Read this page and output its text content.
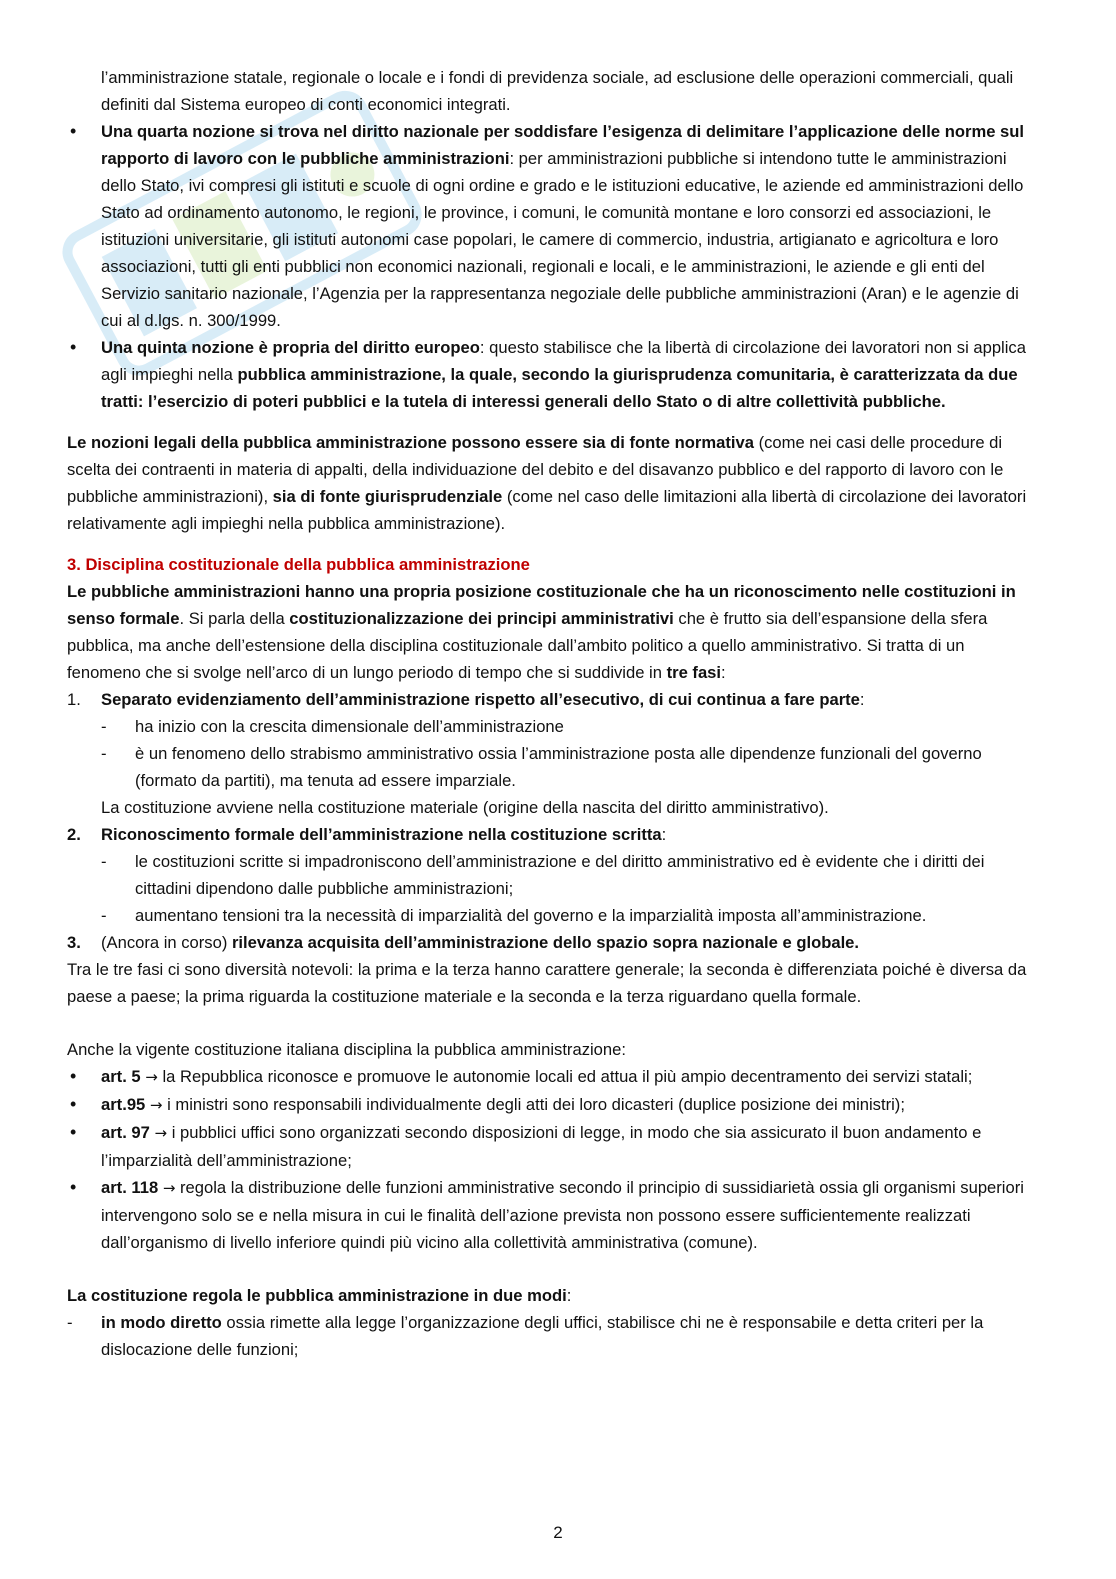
l’amministrazione statale, regionale o locale e i fondi di previdenza sociale, ad esclusione delle operazioni commerciali, quali definiti dal Sistema europeo di conti economici integrati.

• Una quarta nozione si trova nel diritto nazionale per soddisfare l’esigenza di delimitare l’applicazione delle norme sul rapporto di lavoro con le pubbliche amministrazioni: per amministrazioni pubbliche si intendono tutte le amministrazioni dello Stato, ivi compresi gli istituti e scuole di ogni ordine e grado e le istituzioni educative, le aziende ed amministrazioni dello Stato ad ordinamento autonomo, le regioni, le province, i comuni, le comunità montane e loro consorzi ed associazioni, le istituzioni universitarie, gli istituti autonomi case popolari, le camere di commercio, industria, artigianato e agricoltura e loro associazioni, tutti gli enti pubblici non economici nazionali, regionali e locali, e le amministrazioni, le aziende e gli enti del Servizio sanitario nazionale, l’Agenzia per la rappresentanza negoziale delle pubbliche amministrazioni (Aran) e le agenzie di cui al d.lgs. n. 300/1999.
• Una quinta nozione è propria del diritto europeo: questo stabilisce che la libertà di circolazione dei lavoratori non si applica agli impieghi nella pubblica amministrazione, la quale, secondo la giurisprudenza comunitaria, è caratterizzata da due tratti: l’esercizio di poteri pubblici e la tutela di interessi generali dello Stato o di altre collettività pubbliche.

Le nozioni legali della pubblica amministrazione possono essere sia di fonte normativa (come nei casi delle procedure di scelta dei contraenti in materia di appalti, della individuazione del debito e del disavanzo pubblico e del rapporto di lavoro con le pubbliche amministrazioni), sia di fonte giurisprudenziale (come nel caso delle limitazioni alla libertà di circolazione dei lavoratori relativamente agli impieghi nella pubblica amministrazione).

3. Disciplina costituzionale della pubblica amministrazione

Le pubbliche amministrazioni hanno una propria posizione costituzionale che ha un riconoscimento nelle costituzioni in senso formale. Si parla della costituzionalizzazione dei principi amministrativi che è frutto sia dell’espansione della sfera pubblica, ma anche dell’estensione della disciplina costituzionale dall’ambito politico a quello amministrativo. Si tratta di un fenomeno che si svolge nell’arco di un lungo periodo di tempo che si suddivide in tre fasi:

1. Separato evidenziamento dell’amministrazione rispetto all’esecutivo, di cui continua a fare parte:
- ha inizio con la crescita dimensionale dell’amministrazione
- è un fenomeno dello strabismo amministrativo ossia l’amministrazione posta alle dipendenze funzionali del governo (formato da partiti), ma tenuta ad essere imparziale.

La costituzione avviene nella costituzione materiale (origine della nascita del diritto amministrativo).

2. Riconoscimento formale dell’amministrazione nella costituzione scritta:
- le costituzioni scritte si impadroniscono dell’amministrazione e del diritto amministrativo ed è evidente che i diritti dei cittadini dipendono dalle pubbliche amministrazioni;
- aumentano tensioni tra la necessità di imparzialità del governo e la imparzialità imposta all’amministrazione.
3. (Ancora in corso) rilevanza acquisita dell’amministrazione dello spazio sopra nazionale e globale.

Tra le tre fasi ci sono diversità notevoli: la prima e la terza hanno carattere generale; la seconda è differenziata poiché è diversa da paese a paese; la prima riguarda la costituzione materiale e la seconda e la terza riguardano quella formale.

Anche la vigente costituzione italiana disciplina la pubblica amministrazione:

• art. 5 → la Repubblica riconosce e promuove le autonomie locali ed attua il più ampio decentramento dei servizi statali;
• art.95 → i ministri sono responsabili individualmente degli atti dei loro dicasteri (duplice posizione dei ministri);
• art. 97 → i pubblici uffici sono organizzati secondo disposizioni di legge, in modo che sia assicurato il buon andamento e l’imparzialità dell’amministrazione;
• art. 118 → regola la distribuzione delle funzioni amministrative secondo il principio di sussidiarietà ossia gli organismi superiori intervengono solo se e nella misura in cui le finalità dell’azione prevista non possono essere sufficientemente realizzati dall’organismo di livello inferiore quindi più vicino alla collettività amministrativa (comune).

La costituzione regola le pubblica amministrazione in due modi:

- in modo diretto ossia rimette alla legge l’organizzazione degli uffici, stabilisce chi ne è responsabile e detta criteri per la dislocazione delle funzioni;
2
